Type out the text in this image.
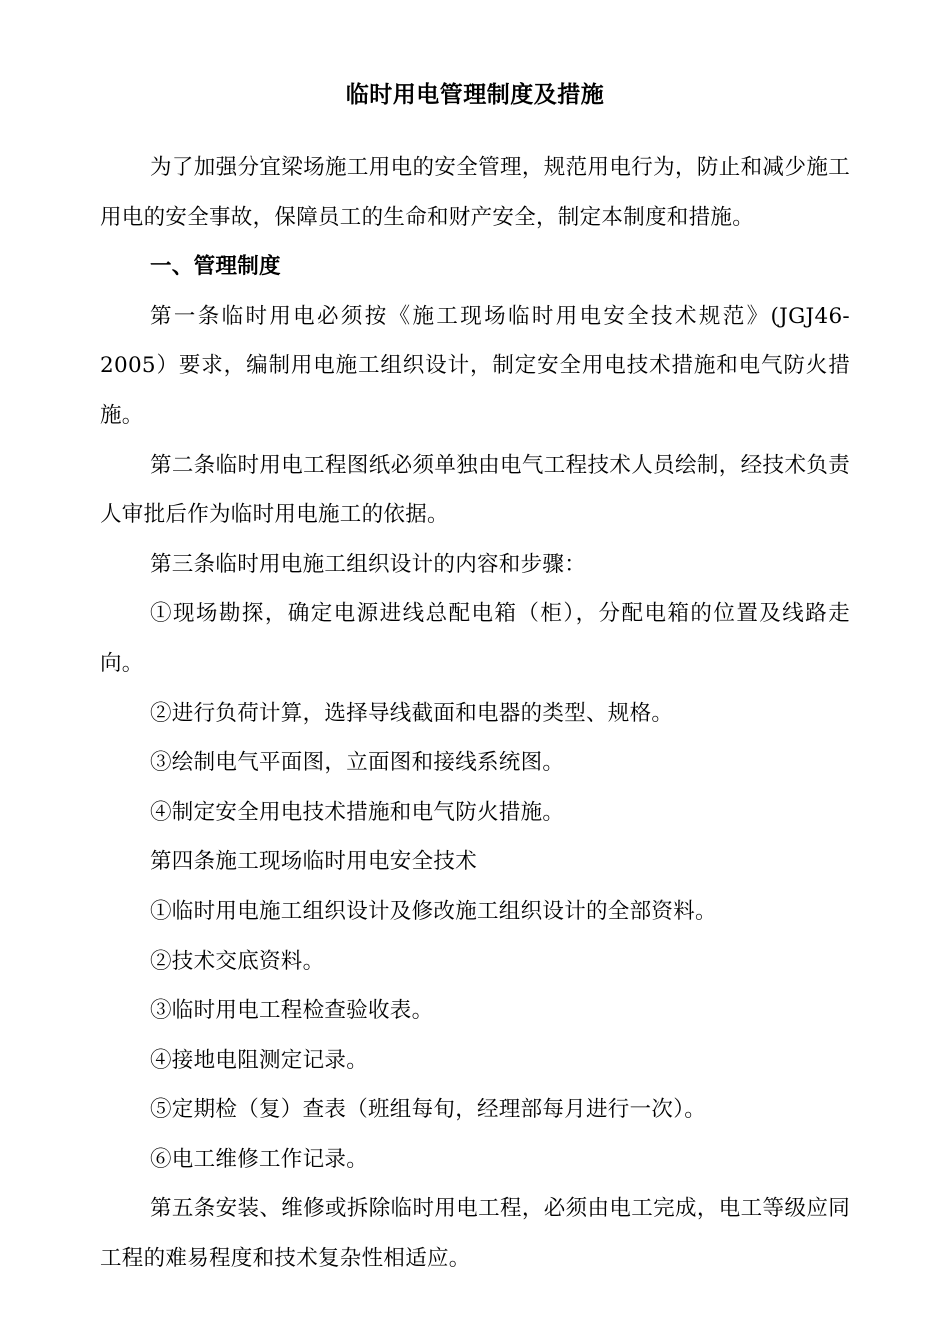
临时用电管理制度及措施

为了加强分宜梁场施工用电的安全管理，规范用电行为，防止和减少施工用电的安全事故，保障员工的生命和财产安全，制定本制度和措施。

一、管理制度

第一条临时用电必须按《施工现场临时用电安全技术规范》(JGJ46-2005）要求，编制用电施工组织设计，制定安全用电技术措施和电气防火措施。

第二条临时用电工程图纸必须单独由电气工程技术人员绘制，经技术负责人审批后作为临时用电施工的依据。

第三条临时用电施工组织设计的内容和步骤：

①现场勘探，确定电源进线总配电箱（柜），分配电箱的位置及线路走向。

②进行负荷计算，选择导线截面和电器的类型、规格。

③绘制电气平面图，立面图和接线系统图。

④制定安全用电技术措施和电气防火措施。

第四条施工现场临时用电安全技术

①临时用电施工组织设计及修改施工组织设计的全部资料。

②技术交底资料。

③临时用电工程检查验收表。

④接地电阻测定记录。

⑤定期检（复）查表（班组每旬，经理部每月进行一次）。

⑥电工维修工作记录。

第五条安装、维修或拆除临时用电工程，必须由电工完成，电工等级应同工程的难易程度和技术复杂性相适应。
